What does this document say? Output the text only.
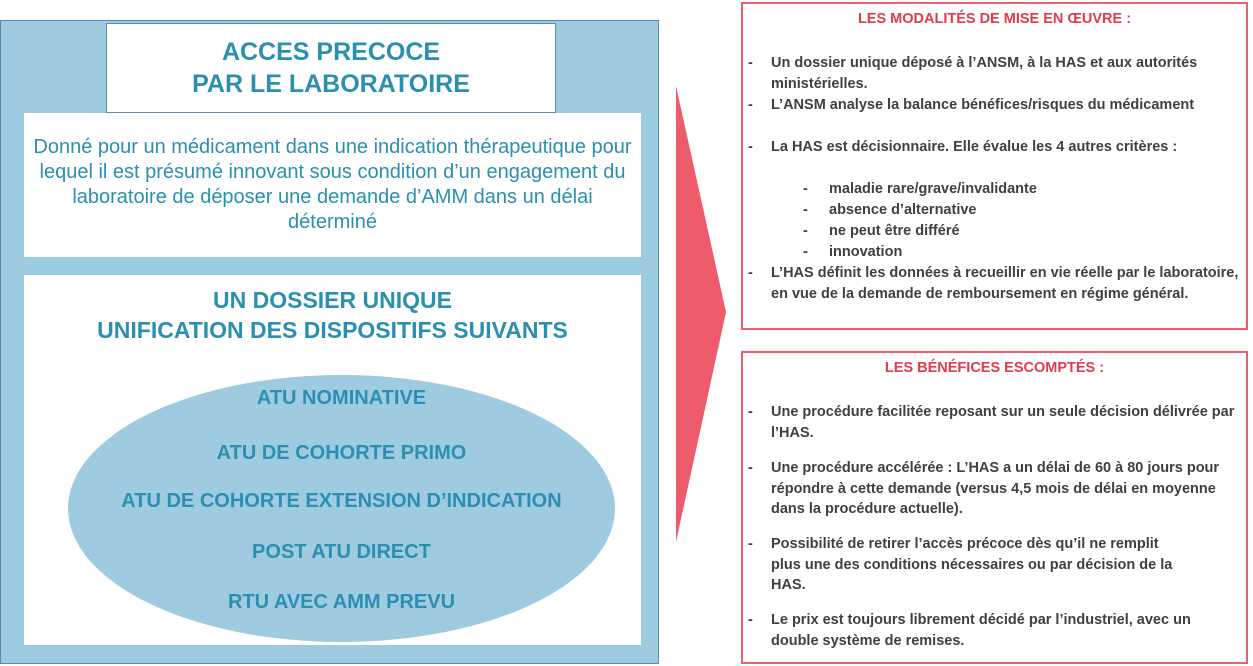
ACCES PRECOCE
PAR LE LABORATOIRE
Donné pour un médicament dans une indication thérapeutique pour lequel il est présumé innovant sous condition d’un engagement du laboratoire de déposer une demande d’AMM dans un délai déterminé
UN DOSSIER UNIQUE
UNIFICATION DES DISPOSITIFS SUIVANTS
ATU NOMINATIVE
ATU DE COHORTE PRIMO
ATU DE COHORTE EXTENSION D’INDICATION
POST ATU DIRECT
RTU AVEC AMM PREVU
LES MODALITÉS DE MISE EN ŒUVRE :
- Un dossier unique déposé à l’ANSM, à la HAS et aux autorités ministérielles.
- L’ANSM analyse la balance bénéfices/risques du médicament
- La HAS est décisionnaire. Elle évalue les 4 autres critères :
- maladie rare/grave/invalidante
- absence d’alternative
- ne peut être différé
- innovation
- L’HAS définit les données à recueillir en vie réelle par le laboratoire, en vue de la demande de remboursement en régime général.
LES BÉNÉFICES ESCOMPTÉS :
- Une procédure facilitée reposant sur un seule décision délivrée par l’HAS.
- Une procédure accélérée : L’HAS a un délai de 60 à 80 jours pour répondre à cette demande (versus 4,5 mois de délai en moyenne dans la procédure actuelle).
- Possibilité de retirer l’accès précoce dès qu’il ne remplit plus une des conditions nécessaires ou par décision de la HAS.
- Le prix est toujours librement décidé par l’industriel, avec un double système de remises.
